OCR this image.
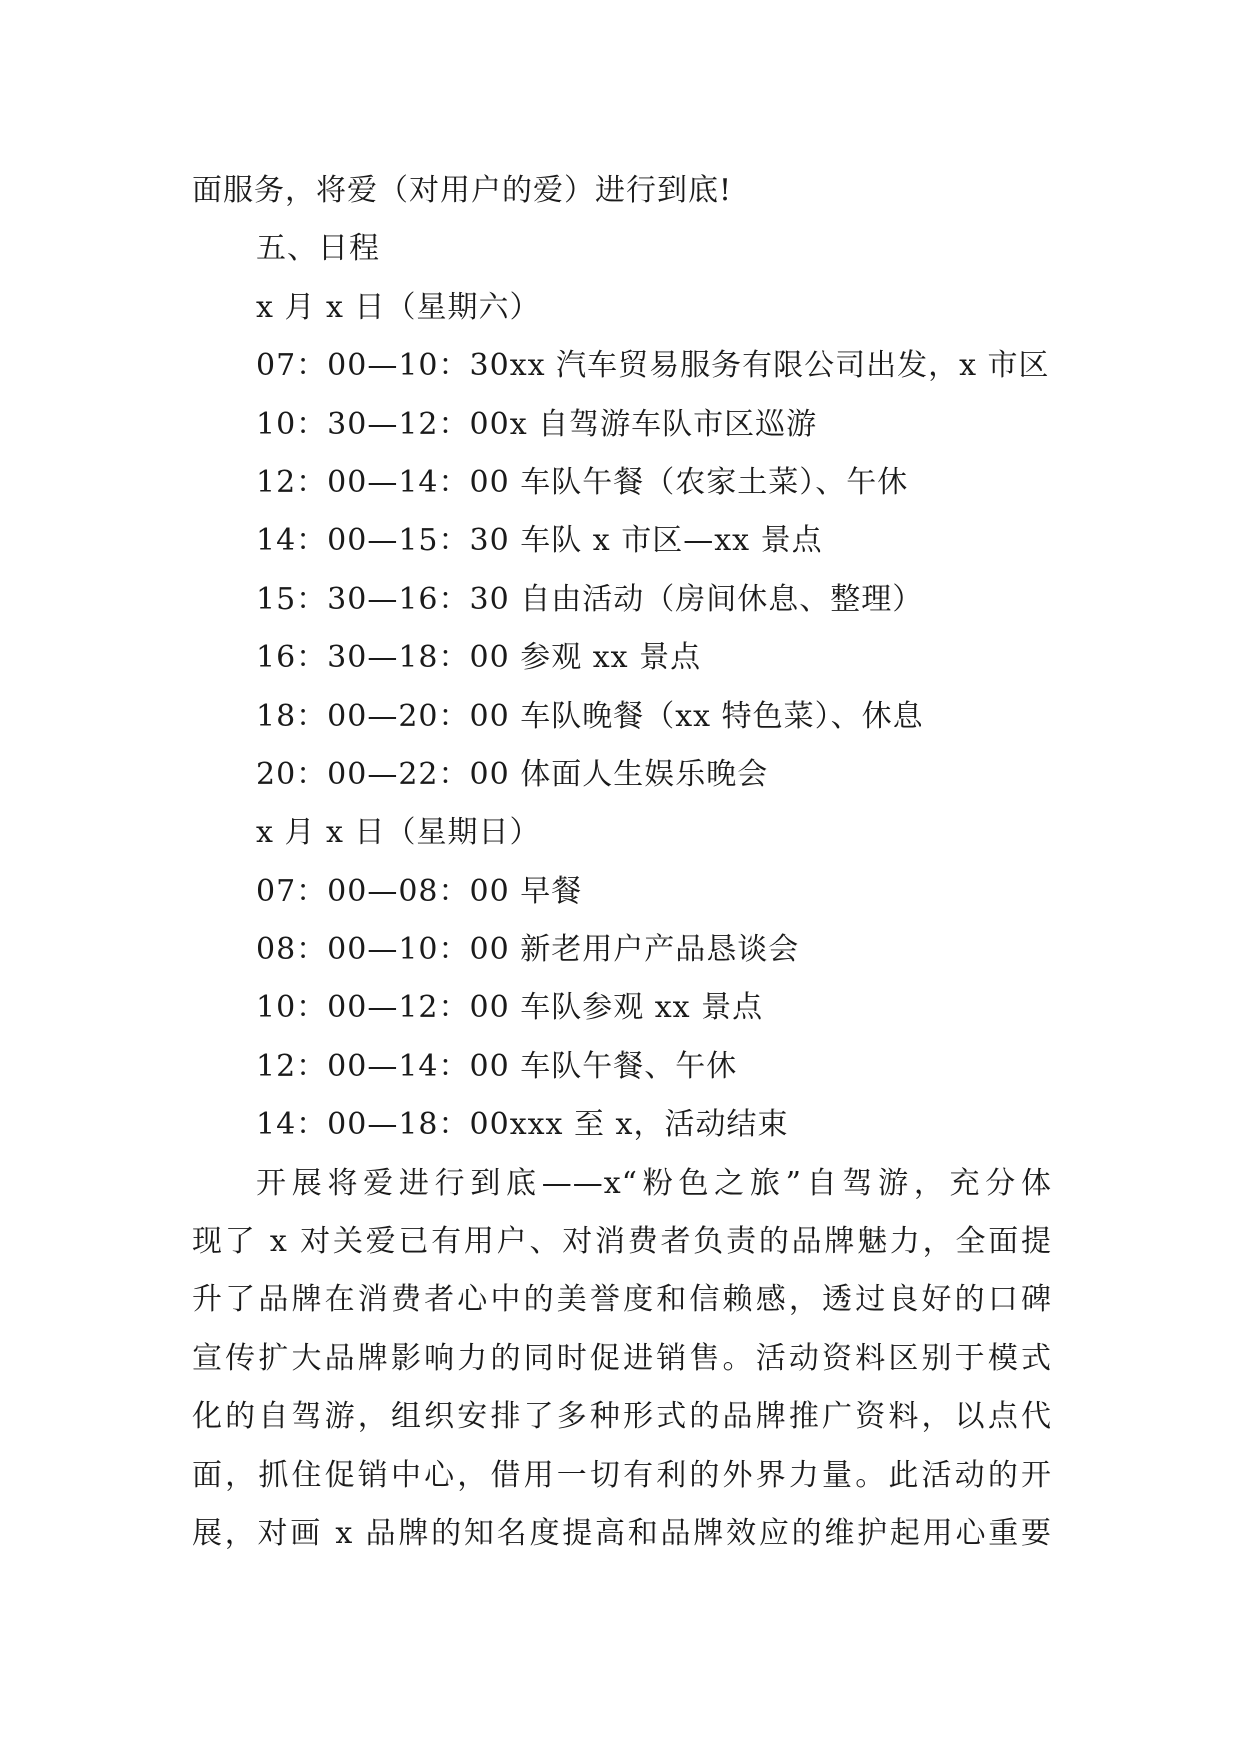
面服务，将爱（对用户的爱）进行到底!
五、日程
x 月 x 日（星期六）
07：00—10：30xx 汽车贸易服务有限公司出发，x 市区
10：30—12：00x 自驾游车队市区巡游
12：00—14：00 车队午餐（农家土菜）、午休
14：00—15：30 车队 x 市区—xx 景点
15：30—16：30 自由活动（房间休息、整理）
16：30—18：00 参观 xx 景点
18：00—20：00 车队晚餐（xx 特色菜）、休息
20：00—22：00 体面人生娱乐晚会
x 月 x 日（星期日）
07：00—08：00 早餐
08：00—10：00 新老用户产品恳谈会
10：00—12：00 车队参观 xx 景点
12：00—14：00 车队午餐、午休
14：00—18：00xxx 至 x，活动结束
开展将爱进行到底——x“粉色之旅”自驾游，充分体
现了 x 对关爱已有用户、对消费者负责的品牌魅力，全面提
升了品牌在消费者心中的美誉度和信赖感，透过良好的口碑
宣传扩大品牌影响力的同时促进销售。活动资料区别于模式
化的自驾游，组织安排了多种形式的品牌推广资料，以点代
面，抓住促销中心，借用一切有利的外界力量。此活动的开
展，对画 x 品牌的知名度提高和品牌效应的维护起用心重要
